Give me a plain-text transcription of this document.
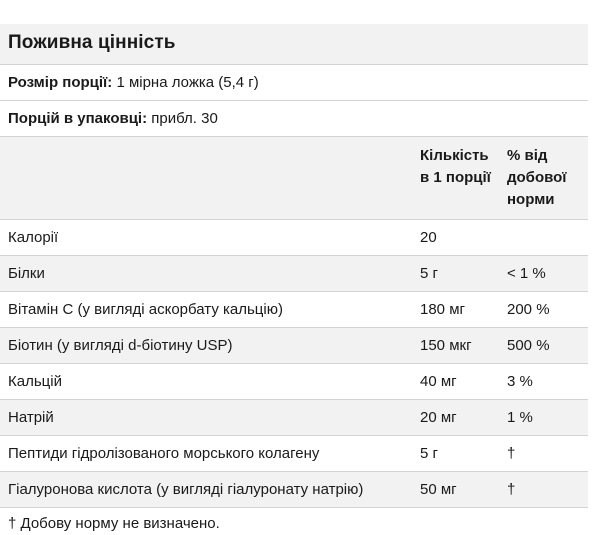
Поживна цінність
Розмір порції: 1 мірна ложка (5,4 г)
Порцій в упаковці: прибл. 30
Кількість
в 1 порції
% від
добової
норми
Калорії	20
Білки	5 г	< 1 %
Вітамін C (у вигляді аскорбату кальцію)	180 мг	200 %
Біотин (у вигляді d-біотину USP)	150 мкг 500 %
Кальцій	40 мг	3 %
Натрій	20 мг	1 %
Пептиди гідролізованого морського колагену	5 г	†
Гіалуронова кислота (у вигляді гіалуронату натрію)	50 мг	†
† Добову норму не визначено.
